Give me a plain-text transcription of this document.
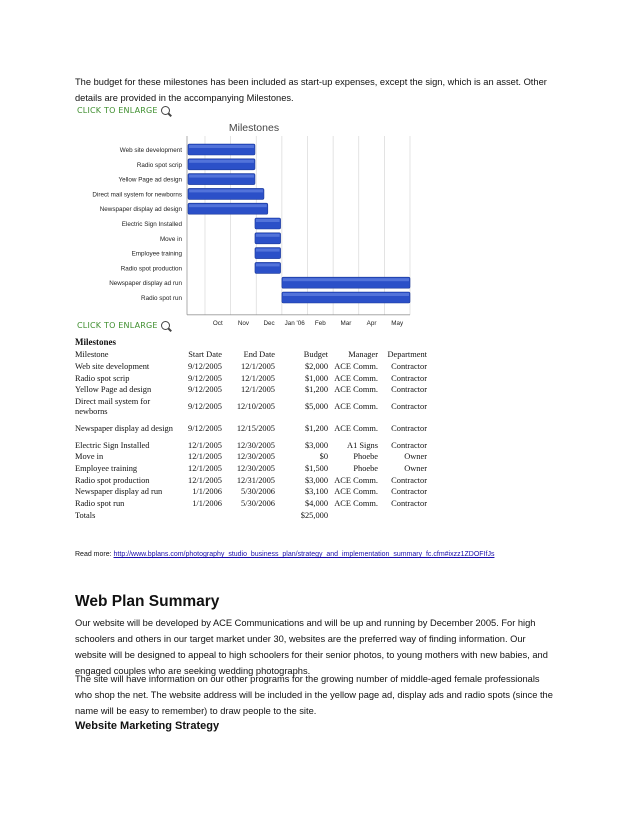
The budget for these milestones has been included as start-up expenses, except the sign, which is an asset. Other
details are provided in the accompanying Milestones.
CLICK TO ENLARGE
Milestones
Web site development
Radio spot scrip
Yellow Page ad design
Direct mail system for newborns
Newspaper display ad design
Electric Sign Installed
Move in
Employee training
Radio spot production
Newspaper display ad run
Radio spot run
Oct Nov Dec Jan '06 Feb Mar Apr May
CLICK TO ENLARGE
Milestones
Milestone	Start Date	End Date	Budget	Manager	Department
Web site development	9/12/2005	12/1/2005	$2,000	ACE Comm.	Contractor
Radio spot scrip	9/12/2005	12/1/2005	$1,000	ACE Comm.	Contractor
Yellow Page ad design	9/12/2005	12/1/2005	$1,200	ACE Comm.	Contractor
Direct mail system for newborns	9/12/2005	12/10/2005	$5,000	ACE Comm.	Contractor
Newspaper display ad design	9/12/2005	12/15/2005	$1,200	ACE Comm.	Contractor
Electric Sign Installed	12/1/2005	12/30/2005	$3,000	A1 Signs	Contractor
Move in	12/1/2005	12/30/2005	$0	Phoebe	Owner
Employee training	12/1/2005	12/30/2005	$1,500	Phoebe	Owner
Radio spot production	12/1/2005	12/31/2005	$3,000	ACE Comm.	Contractor
Newspaper display ad run	1/1/2006	5/30/2006	$3,100	ACE Comm.	Contractor
Radio spot run	1/1/2006	5/30/2006	$4,000	ACE Comm.	Contractor
Totals			$25,000		
Read more: http://www.bplans.com/photography_studio_business_plan/strategy_and_implementation_summary_fc.cfm#ixzz1ZDOFIfJs
Web Plan Summary
Our website will be developed by ACE Communications and will be up and running by December 2005. For high
schoolers and others in our target market under 30, websites are the preferred way of finding information. Our
website will be designed to appeal to high schoolers for their senior photos, to young mothers with new babies, and
engaged couples who are seeking wedding photographs.
The site will have information on our other programs for the growing number of middle-aged female professionals
who shop the net. The website address will be included in the yellow page ad, display ads and radio spots (since the
name will be easy to remember) to draw people to the site.
Website Marketing Strategy
